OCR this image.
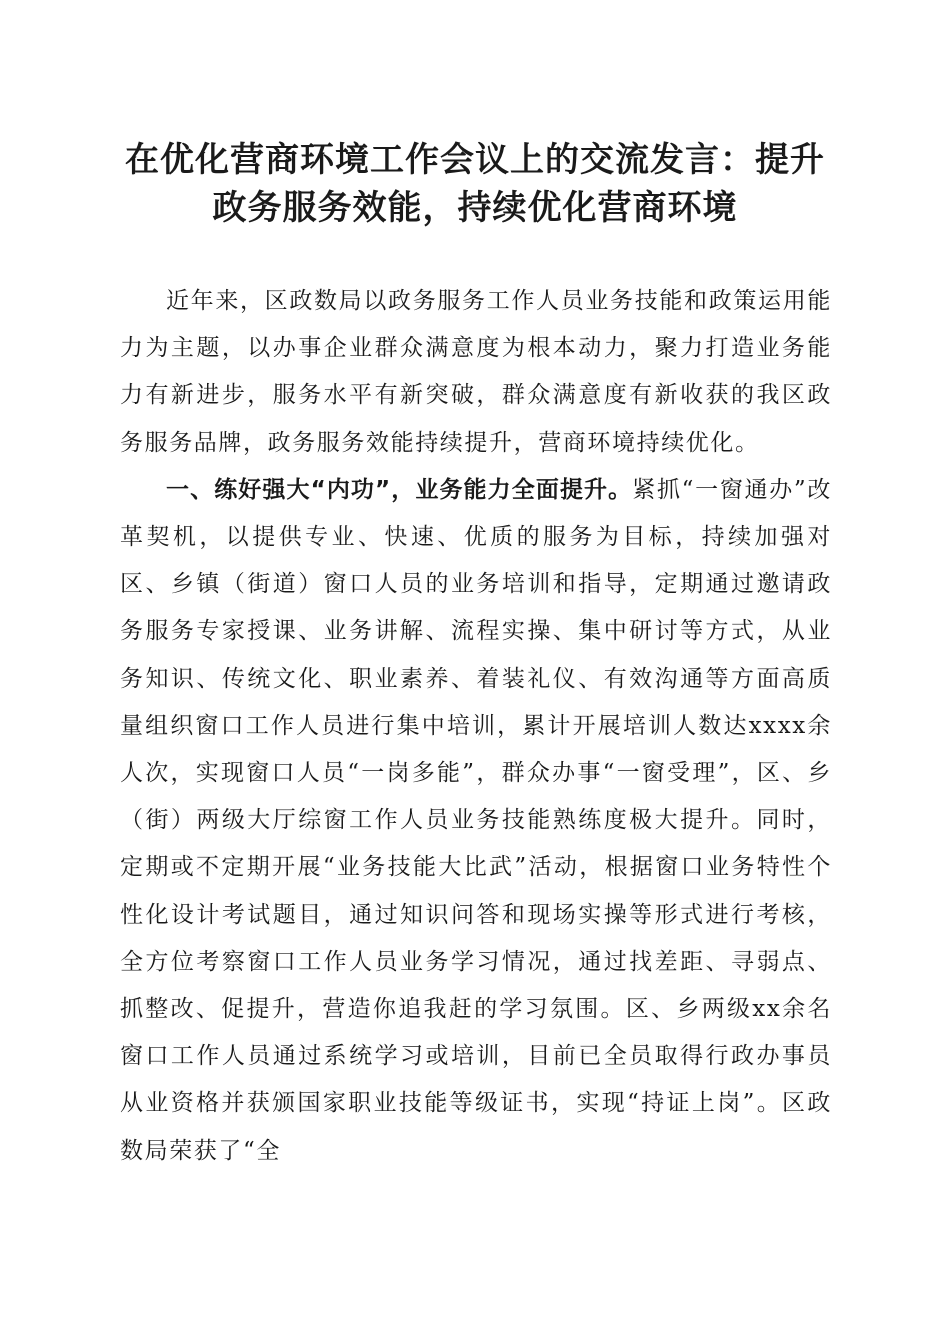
在优化营商环境工作会议上的交流发言：提升政务服务效能，持续优化营商环境

近年来，区政数局以政务服务工作人员业务技能和政策运用能力为主题，以办事企业群众满意度为根本动力，聚力打造业务能力有新进步，服务水平有新突破，群众满意度有新收获的我区政务服务品牌，政务服务效能持续提升，营商环境持续优化。

一、练好强大“内功”，业务能力全面提升。紧抓“一窗通办”改革契机，以提供专业、快速、优质的服务为目标，持续加强对区、乡镇（街道）窗口人员的业务培训和指导，定期通过邀请政务服务专家授课、业务讲解、流程实操、集中研讨等方式，从业务知识、传统文化、职业素养、着装礼仪、有效沟通等方面高质量组织窗口工作人员进行集中培训，累计开展培训人数达xxxx余人次，实现窗口人员“一岗多能”，群众办事“一窗受理”，区、乡（街）两级大厅综窗工作人员业务技能熟练度极大提升。同时，定期或不定期开展“业务技能大比武”活动，根据窗口业务特性个性化设计考试题目，通过知识问答和现场实操等形式进行考核，全方位考察窗口工作人员业务学习情况，通过找差距、寻弱点、抓整改、促提升，营造你追我赶的学习氛围。区、乡两级xx余名窗口工作人员通过系统学习或培训，目前已全员取得行政办事员从业资格并获颁国家职业技能等级证书，实现“持证上岗”。区政数局荣获了“全
